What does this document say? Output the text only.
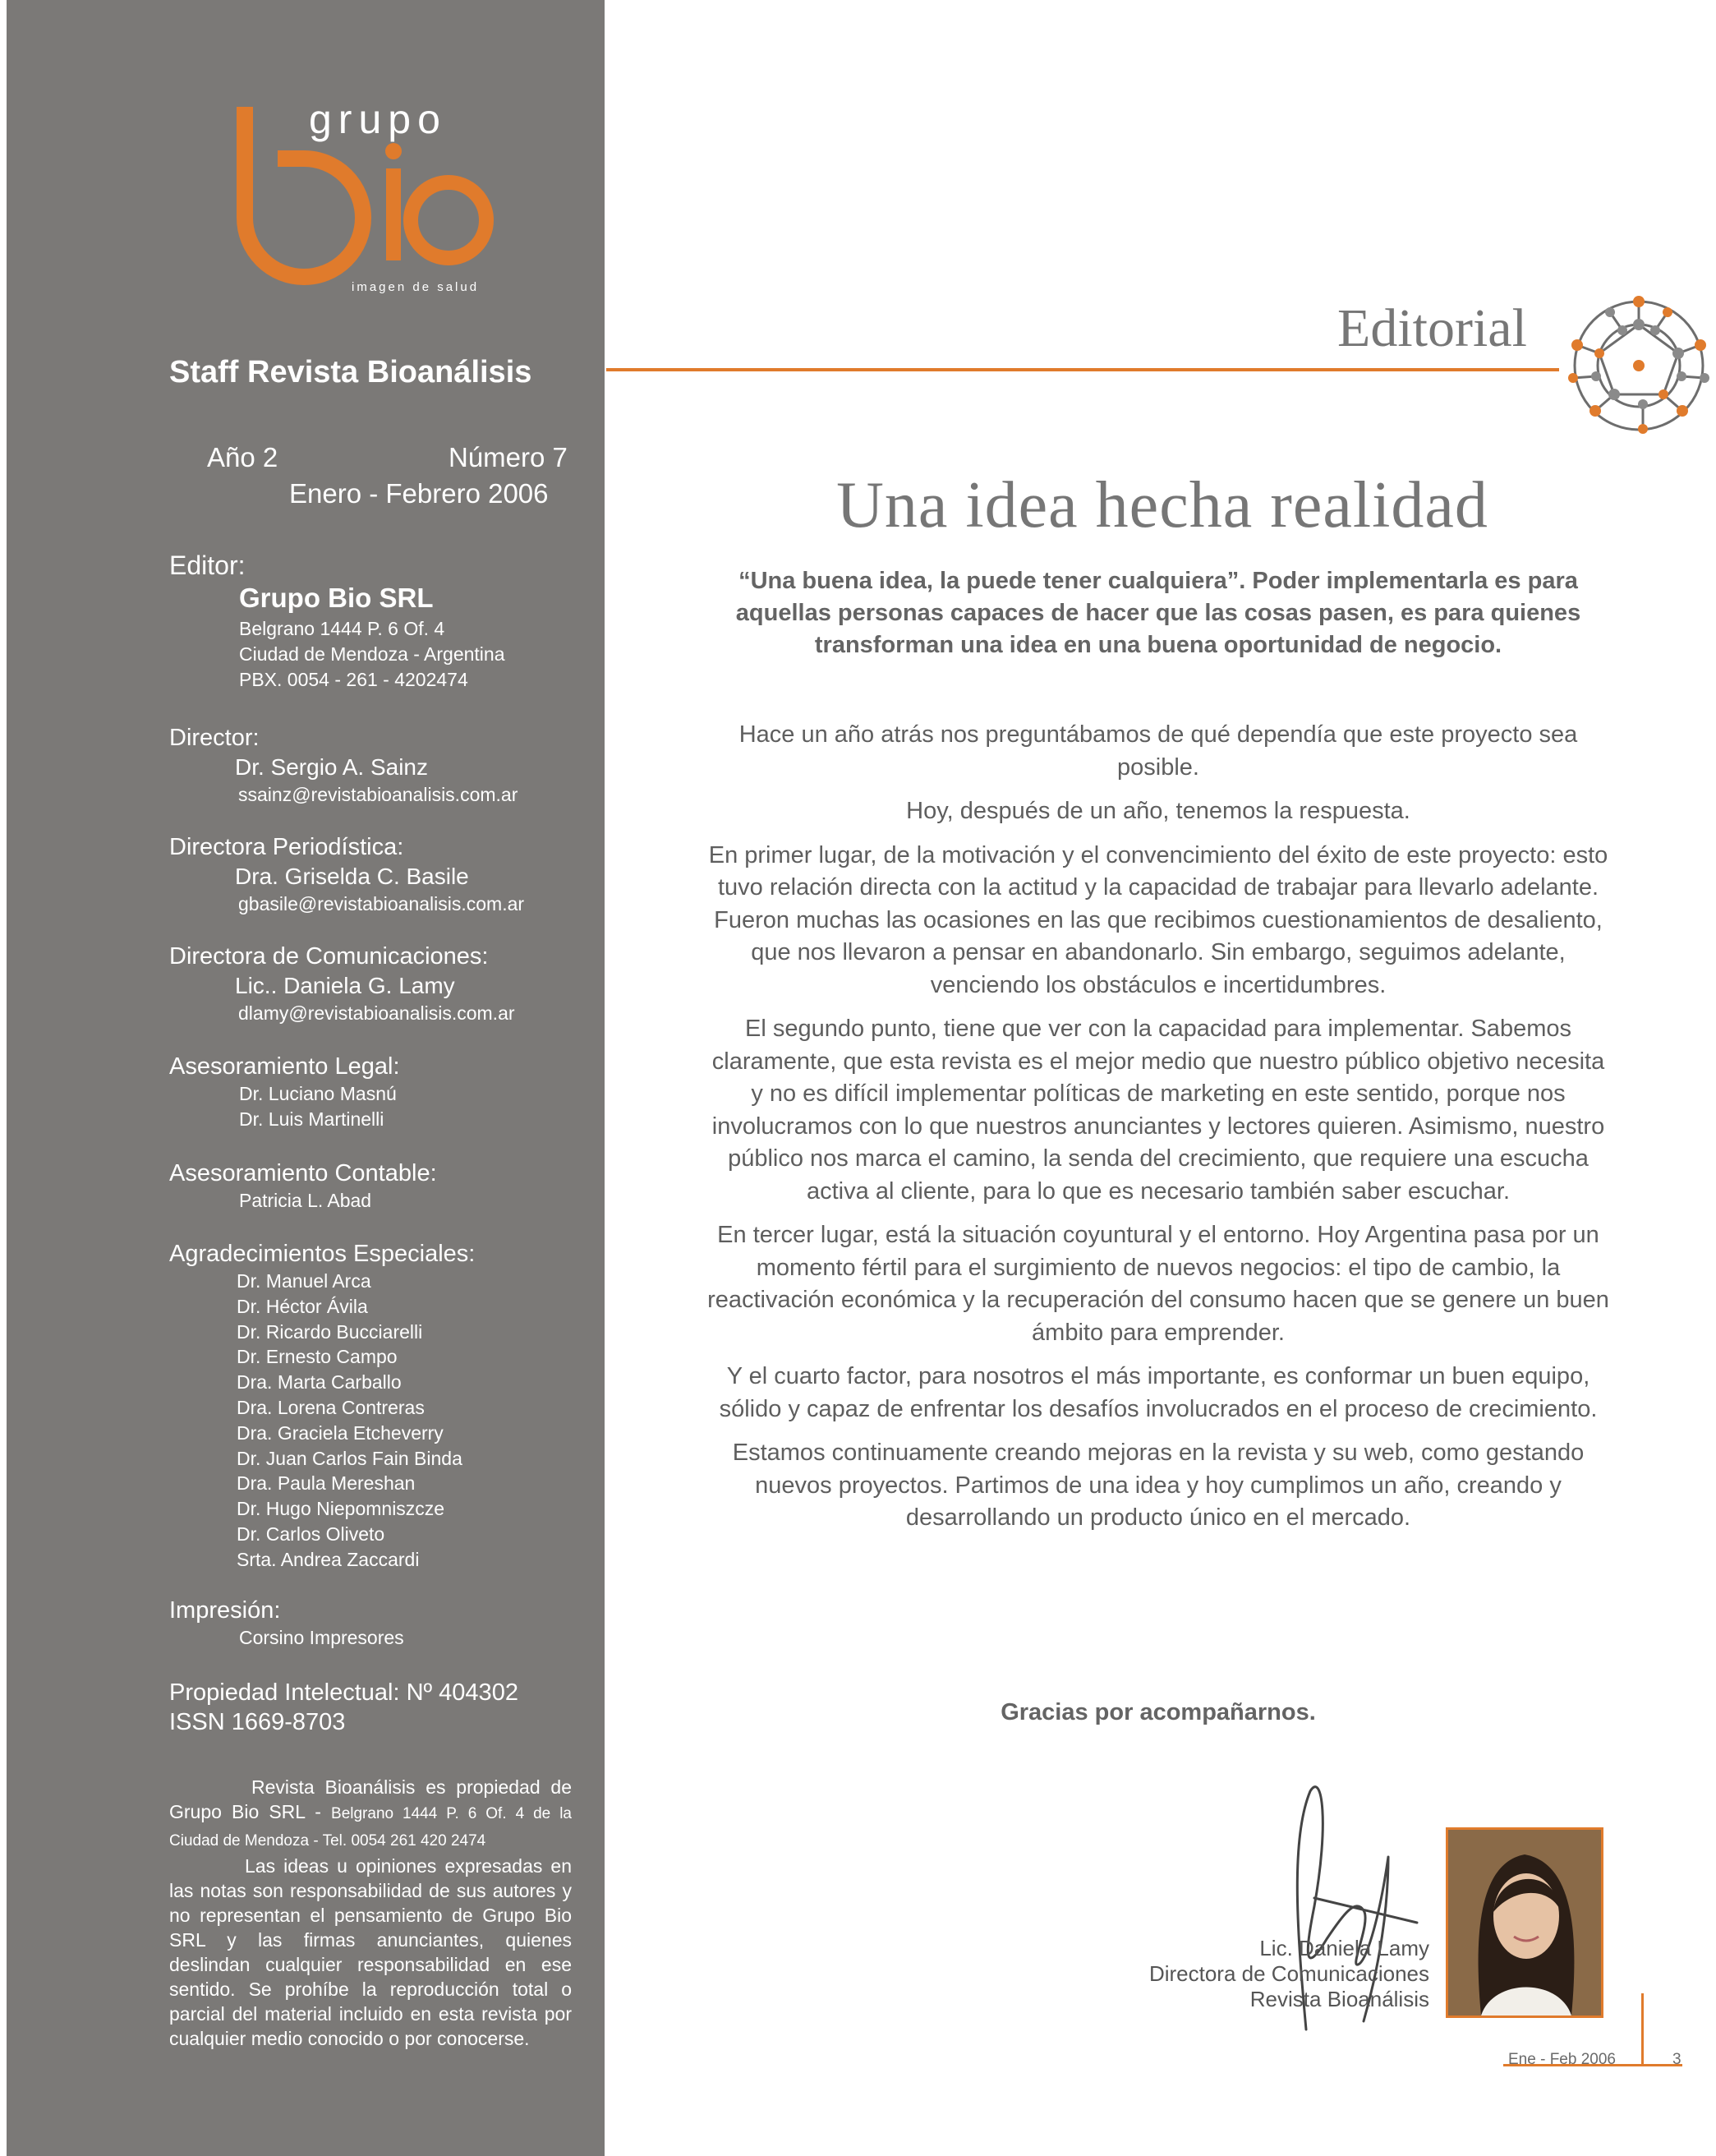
grupo
imagen de salud
Staff Revista Bioanálisis
Año 2	Número 7
Enero - Febrero 2006
Editor:
Grupo Bio SRL
Belgrano 1444 P. 6 Of. 4
Ciudad de Mendoza - Argentina
PBX. 0054 - 261 - 4202474
Director:
Dr. Sergio A. Sainz
ssainz@revistabioanalisis.com.ar
Directora Periodística:
Dra. Griselda C. Basile
gbasile@revistabioanalisis.com.ar
Directora de Comunicaciones:
Lic.. Daniela G. Lamy
dlamy@revistabioanalisis.com.ar
Asesoramiento Legal:
Dr. Luciano Masnú
Dr. Luis Martinelli
Asesoramiento Contable:
Patricia L. Abad
Agradecimientos Especiales:
Dr. Manuel Arca
Dr. Héctor Ávila
Dr. Ricardo Bucciarelli
Dr. Ernesto Campo
Dra. Marta Carballo
Dra. Lorena Contreras
Dra. Graciela Etcheverry
Dr. Juan Carlos Fain Binda
Dra. Paula Mereshan
Dr. Hugo Niepomniszcze
Dr. Carlos Oliveto
Srta. Andrea Zaccardi
Impresión:
Corsino Impresores
Propiedad Intelectual: Nº 404302
ISSN 1669-8703
Revista Bioanálisis es propiedad de Grupo Bio SRL - Belgrano 1444 P. 6 Of. 4 de la Ciudad de Mendoza - Tel. 0054 261 420 2474
Las ideas u opiniones expresadas en las notas son responsabilidad de sus autores y no representan el pensamiento de Grupo Bio SRL y las firmas anunciantes, quienes deslindan cualquier responsabilidad en ese sentido. Se prohíbe la reproducción total o parcial del material incluido en esta revista por cualquier medio conocido o por conocerse.
Editorial
Una idea hecha realidad
“Una buena idea, la puede tener cualquiera”. Poder implementarla es para aquellas personas capaces de hacer que las cosas pasen, es para quienes transforman una idea en una buena oportunidad de negocio.

Hace un año atrás nos preguntábamos de qué dependía que este proyecto sea posible.

Hoy, después de un año, tenemos la respuesta.

En primer lugar, de la motivación y el convencimiento del éxito de este proyecto: esto tuvo relación directa con la actitud y la capacidad de trabajar para llevarlo adelante. Fueron muchas las ocasiones en las que recibimos cuestionamientos de desaliento, que nos llevaron a pensar en abandonarlo. Sin embargo, seguimos adelante, venciendo los obstáculos e incertidumbres.

El segundo punto, tiene que ver con la capacidad para implementar. Sabemos claramente, que esta revista es el mejor medio que nuestro público objetivo necesita y no es difícil implementar políticas de marketing en este sentido, porque nos involucramos con lo que nuestros anunciantes y lectores quieren. Asimismo, nuestro público nos marca el camino, la senda del crecimiento, que requiere una escucha activa al cliente, para lo que es necesario también saber escuchar.

En tercer lugar, está la situación coyuntural y el entorno. Hoy Argentina pasa por un momento fértil para el surgimiento de nuevos negocios: el tipo de cambio, la reactivación económica y la recuperación del consumo hacen que se genere un buen ámbito para emprender.

Y el cuarto factor, para nosotros el más importante, es conformar un buen equipo, sólido y capaz de enfrentar los desafíos involucrados en el proceso de crecimiento.

Estamos continuamente creando mejoras en la revista y su web, como gestando nuevos proyectos. Partimos de una idea y hoy cumplimos un año, creando y desarrollando un producto único en el mercado.

Gracias por acompañarnos.
Lic. Daniela Lamy
Directora de Comunicaciones
Revista Bioanálisis
Ene - Feb 2006	3
